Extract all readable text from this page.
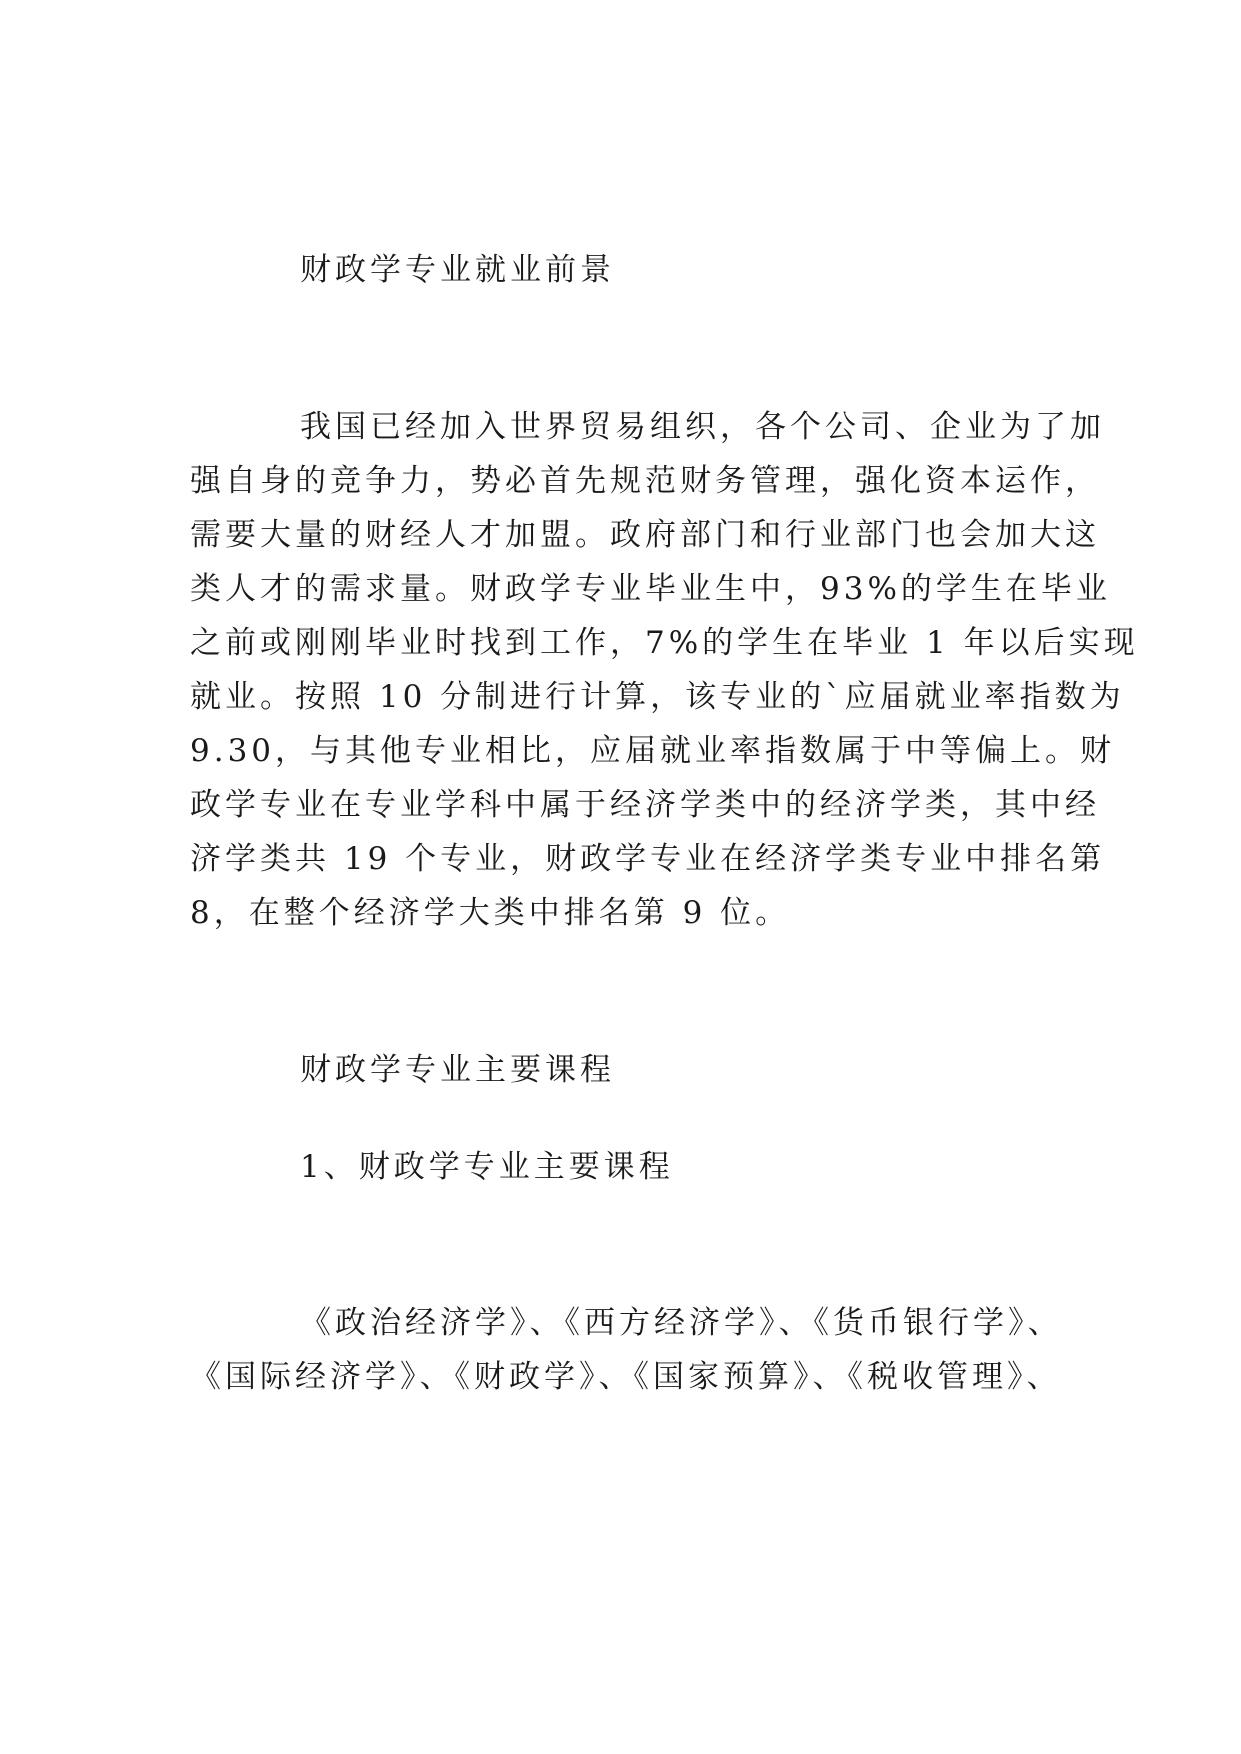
财政学专业就业前景
我国已经加入世界贸易组织，各个公司、企业为了加
强自身的竞争力，势必首先规范财务管理，强化资本运作，
需要大量的财经人才加盟。政府部门和行业部门也会加大这
类人才的需求量。财政学专业毕业生中，93%的学生在毕业
之前或刚刚毕业时找到工作，7%的学生在毕业 1 年以后实现
就业。按照 10 分制进行计算，该专业的`应届就业率指数为
9.30，与其他专业相比，应届就业率指数属于中等偏上。财
政学专业在专业学科中属于经济学类中的经济学类，其中经
济学类共 19 个专业，财政学专业在经济学类专业中排名第
8，在整个经济学大类中排名第 9 位。
财政学专业主要课程
1、财政学专业主要课程
《政治经济学》、《西方经济学》、《货币银行学》、
《国际经济学》、《财政学》、《国家预算》、《税收管理》、
